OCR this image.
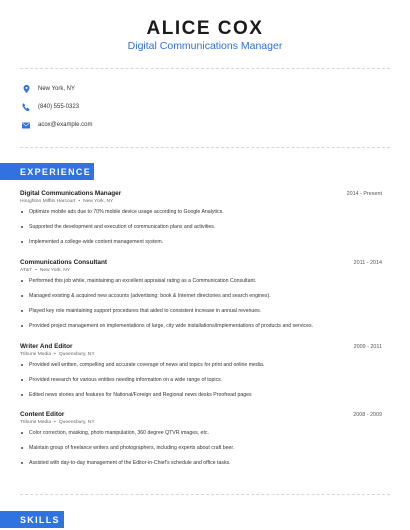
ALICE COX
Digital Communications Manager
New York, NY
(840) 555-0323
acox@example.com
EXPERIENCE
Digital Communications Manager	2014 - Present
Houghton Mifflin Harcourt • New York, NY
Optimize mobile ads due to 70% mobile device usage according to Google Analytics.
Supported the development and execution of communication plans and activities.
Implemented a college-wide content management system.
Communications Consultant	2011 - 2014
AT&T • New York, NY
Performed this job while, maintaining an excellent appraisal rating as a Communication Consultant.
Managed existing & acquired new accounts (advertising: book & Internet directories and search engines).
Played key role maintaining support procedures that aided to consistent increase in annual revenues.
Provided project management on implementations of large, city wide installations/implementations of products and services.
Writer And Editor	2009 - 2011
Tribune Media • Queensbury, NY
Provided well written, compelling and accurate coverage of news and topics for print and online media.
Provided research for various entities needing information on a wide range of topics.
Edited news stories and features for National/Foreign and Regional news desks Proofread pages
Content Editor	2008 - 2009
Tribune Media • Queensbury, NY
Color correction, masking, photo manipulation, 360 degree QTVR images, etc.
Maintain group of freelance writers and photographers, including experts about craft beer.
Assisted with day-to-day management of the Editor-in-Chief's schedule and office tasks.
SKILLS
